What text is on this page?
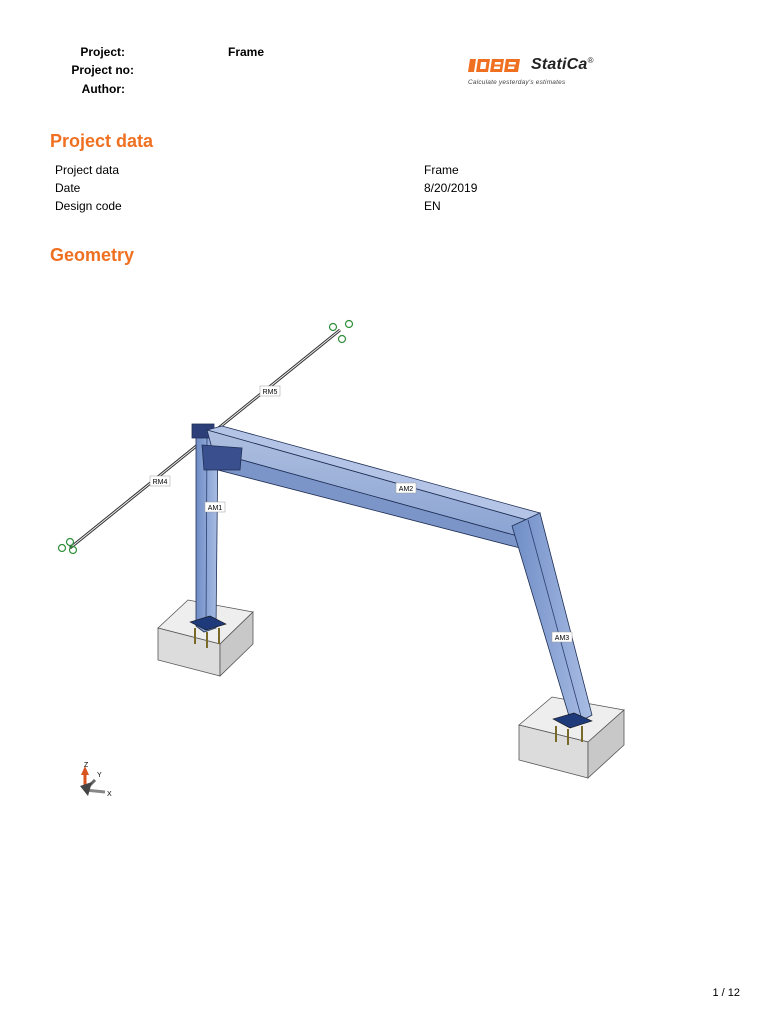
Project:	Frame
Project no:
Author:
StatiCa®
Calculate yesterday's estimates
Project data
Project data	Frame
Date	8/20/2019
Design code	EN
Geometry
RM5
RM4
AM1
AM2
AM3
Z
Y
X
1 / 12
